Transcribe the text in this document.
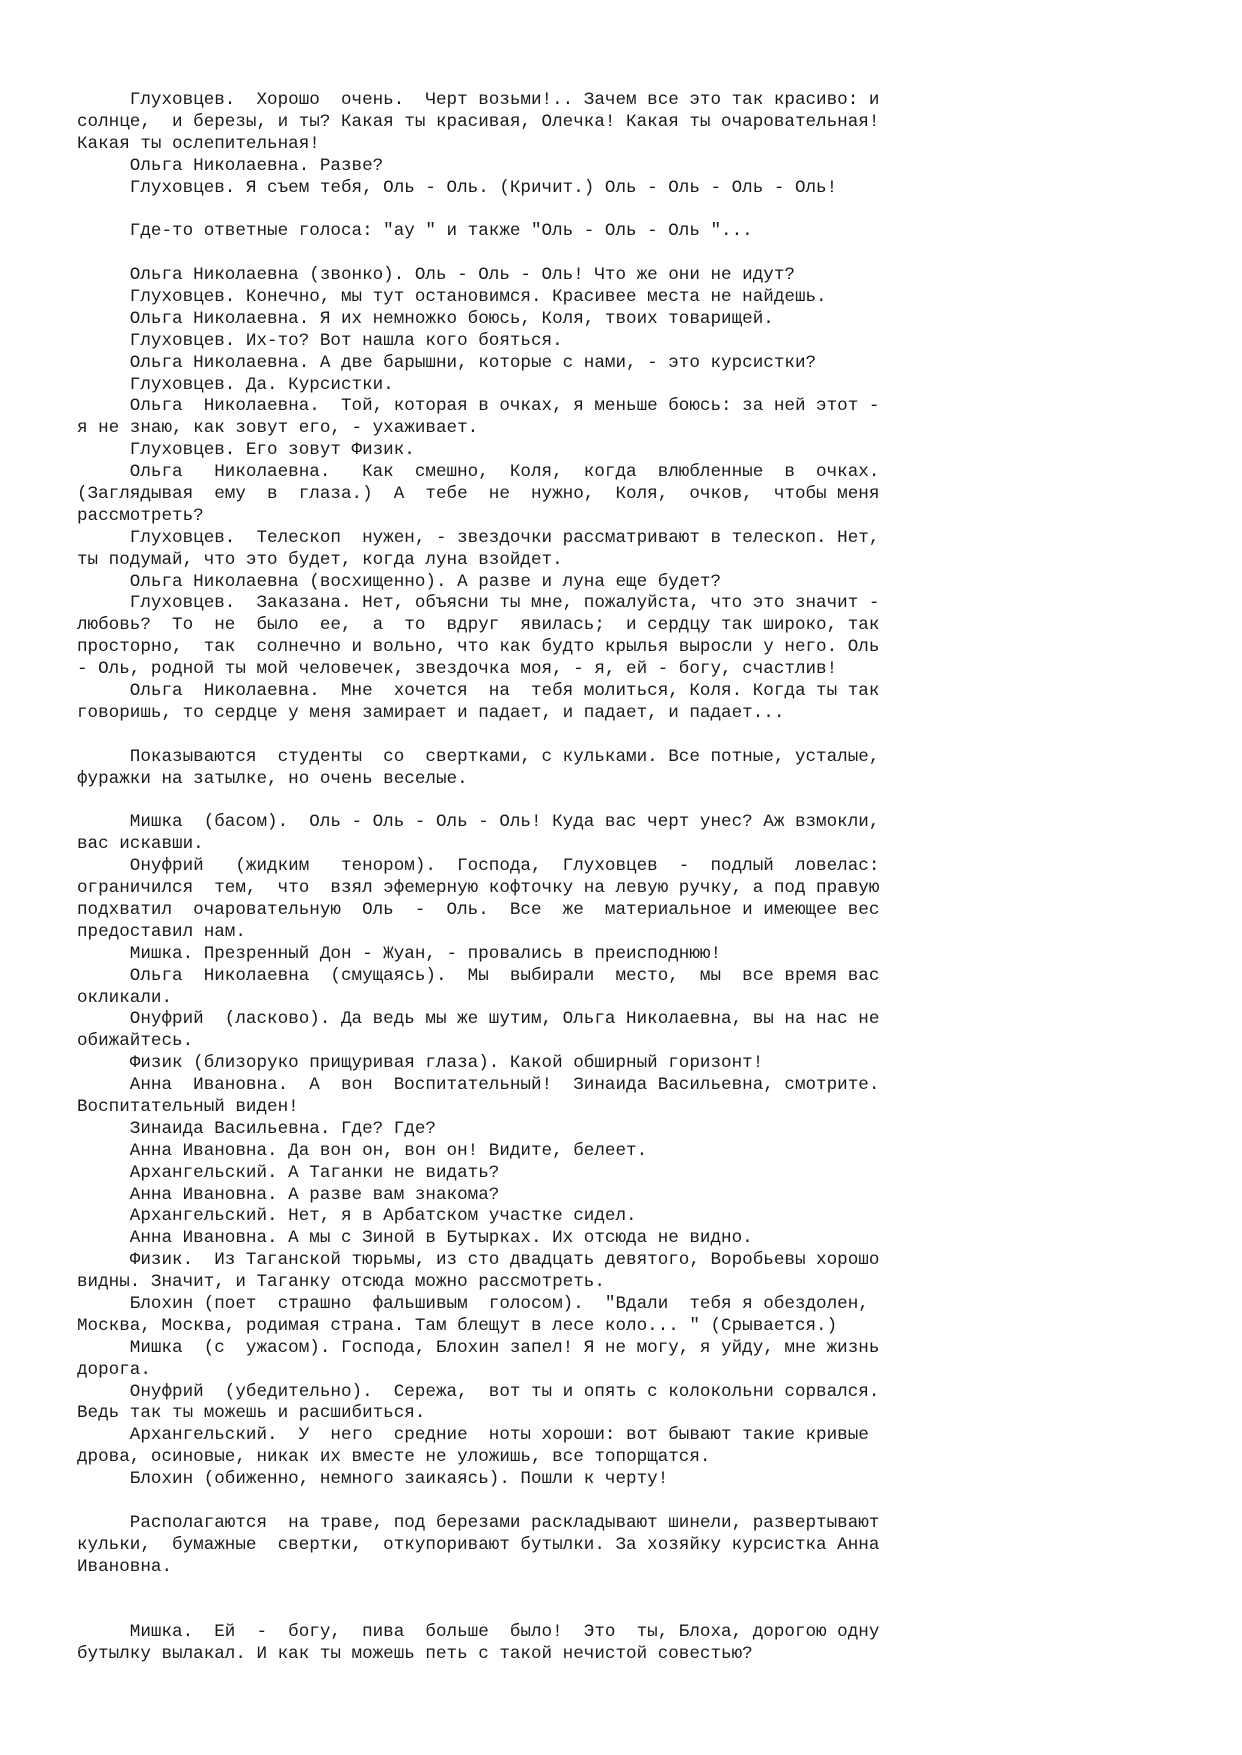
Глуховцев.  Хорошо  очень.  Черт возьми!.. Зачем все это так красиво: и
солнце,  и березы, и ты? Какая ты красивая, Олечка! Какая ты очаровательная!
Какая ты ослепительная!
Ольга Николаевна. Разве?
Глуховцев. Я съем тебя, Оль - Оль. (Кричит.) Оль - Оль - Оль - Оль!
Где-то ответные голоса: "ау " и также "Оль - Оль - Оль "...
Ольга Николаевна (звонко). Оль - Оль - Оль! Что же они не идут?
Глуховцев. Конечно, мы тут остановимся. Красивее места не найдешь.
Ольга Николаевна. Я их немножко боюсь, Коля, твоих товарищей.
Глуховцев. Их-то? Вот нашла кого бояться.
Ольга Николаевна. А две барышни, которые с нами, - это курсистки?
Глуховцев. Да. Курсистки.
Ольга  Николаевна.  Той, которая в очках, я меньше боюсь: за ней этот -
я не знаю, как зовут его, - ухаживает.
Глуховцев. Его зовут Физик.
Ольга   Николаевна.   Как  смешно,  Коля,  когда  влюбленные  в  очках.
(Заглядывая  ему  в  глаза.)  А  тебе  не  нужно,  Коля,  очков,  чтобы меня
рассмотреть?
Глуховцев.  Телескоп  нужен, - звездочки рассматривают в телескоп. Нет,
ты подумай, что это будет, когда луна взойдет.
Ольга Николаевна (восхищенно). А разве и луна еще будет?
Глуховцев.  Заказана. Нет, объясни ты мне, пожалуйста, что это значит -
любовь?  То  не  было  ее,  а  то  вдруг  явилась;  и сердцу так широко, так
просторно,  так  солнечно и вольно, что как будто крылья выросли у него. Оль
- Оль, родной ты мой человечек, звездочка моя, - я, ей - богу, счастлив!
Ольга  Николаевна.  Мне  хочется  на  тебя молиться, Коля. Когда ты так
говоришь, то сердце у меня замирает и падает, и падает, и падает...
Показываются  студенты  со  свертками, с кульками. Все потные, усталые,
фуражки на затылке, но очень веселые.
Мишка  (басом).  Оль - Оль - Оль - Оль! Куда вас черт унес? Аж взмокли,
вас искавши.
Онуфрий   (жидким   тенором).  Господа,  Глуховцев  -  подлый  ловелас:
ограничился  тем,  что  взял эфемерную кофточку на левую ручку, а под правую
подхватил  очаровательную  Оль  -  Оль.  Все  же  материальное и имеющее вес
предоставил нам.
Мишка. Презренный Дон - Жуан, - провались в преисподнюю!
Ольга  Николаевна  (смущаясь).  Мы  выбирали  место,  мы  все время вас
окликали.
Онуфрий  (ласково). Да ведь мы же шутим, Ольга Николаевна, вы на нас не
обижайтесь.
Физик (близоруко прищуривая глаза). Какой обширный горизонт!
Анна  Ивановна.  А  вон  Воспитательный!  Зинаида Васильевна, смотрите.
Воспитательный виден!
Зинаида Васильевна. Где? Где?
Анна Ивановна. Да вон он, вон он! Видите, белеет.
Архангельский. А Таганки не видать?
Анна Ивановна. А разве вам знакома?
Архангельский. Нет, я в Арбатском участке сидел.
Анна Ивановна. А мы с Зиной в Бутырках. Их отсюда не видно.
Физик.  Из Таганской тюрьмы, из сто двадцать девятого, Воробьевы хорошо
видны. Значит, и Таганку отсюда можно рассмотреть.
Блохин (поет  страшно  фальшивым  голосом).  "Вдали  тебя я обездолен,
Москва, Москва, родимая страна. Там блещут в лесе коло... " (Срывается.)
Мишка  (с  ужасом). Господа, Блохин запел! Я не могу, я уйду, мне жизнь
дорога.
Онуфрий  (убедительно).  Сережа,  вот ты и опять с колокольни сорвался.
Ведь так ты можешь и расшибиться.
Архангельский.  У  него  средние  ноты хороши: вот бывают такие кривые
дрова, осиновые, никак их вместе не уложишь, все топорщатся.
Блохин (обиженно, немного заикаясь). Пошли к черту!
Располагаются  на траве, под березами раскладывают шинели, развертывают
кульки,  бумажные  свертки,  откупоривают бутылки. За хозяйку курсистка Анна
Ивановна.
Мишка.  Ей  -  богу,  пива  больше  было!  Это  ты, Блоха, дорогою одну
бутылку вылакал. И как ты можешь петь с такой нечистой совестью?
